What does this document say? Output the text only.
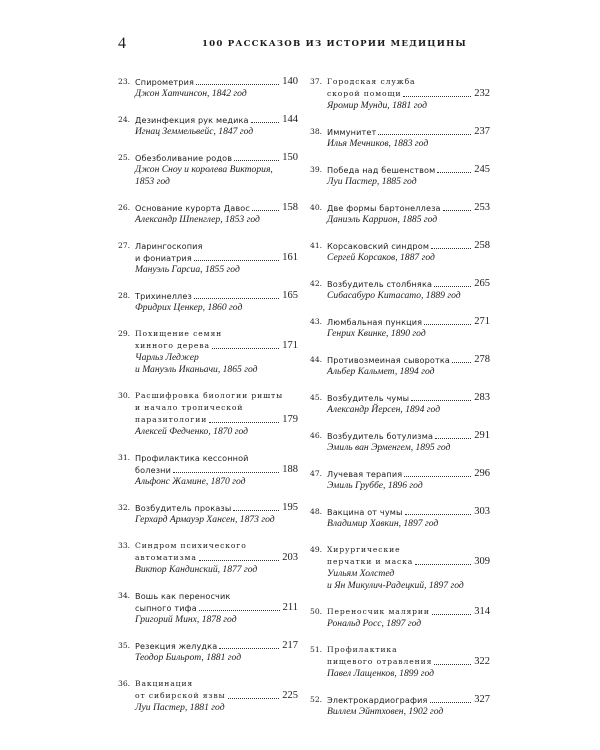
4	100 РАССКАЗОВ ИЗ ИСТОРИИ МЕДИЦИНЫ
23. Спирометрия	140
Джон Хатчинсон, 1842 год
24. Дезинфекция рук медика	144
Игнац Земмельвейс, 1847 год
25. Обезболивание родов	150
Джон Сноу и королева Виктория,
1853 год
26. Основание курорта Давос	158
Александр Шпенглер, 1853 год
27. Ларингоскопия
и фониатрия	161
Мануэль Гарсиа, 1855 год
28. Трихинеллез	165
Фридрих Ценкер, 1860 год
29. Похищение семян
хинного дерева	171
Чарльз Леджер
и Мануэль Иканьачи, 1865 год
30. Расшифровка биологии ришты
и начало тропической
паразитологии	179
Алексей Федченко, 1870 год
31. Профилактика кессонной
болезни	188
Альфонс Жамине, 1870 год
32. Возбудитель проказы	195
Герхард Армауэр Хансен, 1873 год
33. Синдром психического
автоматизма	203
Виктор Кандинский, 1877 год
34. Вошь как переносчик
сыпного тифа	211
Григорий Минх, 1878 год
35. Резекция желудка	217
Теодор Бильрот, 1881 год
36. Вакцинация
от сибирской язвы	225
Луи Пастер, 1881 год
37. Городская служба
скорой помощи	232
Яромир Мунди, 1881 год
38. Иммунитет	237
Илья Мечников, 1883 год
39. Победа над бешенством	245
Луи Пастер, 1885 год
40. Две формы бартонеллеза	253
Даниэль Каррион, 1885 год
41. Корсаковский синдром	258
Сергей Корсаков, 1887 год
42. Возбудитель столбняка	265
Сибасабуро Китасато, 1889 год
43. Люмбальная пункция	271
Генрих Квинке, 1890 год
44. Противозмеиная сыворотка 278
Альбер Кальмет, 1894 год
45. Возбудитель чумы	283
Александр Йерсен, 1894 год
46. Возбудитель ботулизма	291
Эмиль ван Эрменгем, 1895 год
47. Лучевая терапия	296
Эмиль Груббе, 1896 год
48. Вакцина от чумы	303
Владимир Хавкин, 1897 год
49. Хирургические
перчатки и маска	309
Уильям Холстед
и Ян Микулич-Радецкий, 1897 год
50. Переносчик малярии	314
Рональд Росс, 1897 год
51. Профилактика
пищевого отравления	322
Павел Лащенков, 1899 год
52. Электрокардиография	327
Виллем Эйнтховен, 1902 год
